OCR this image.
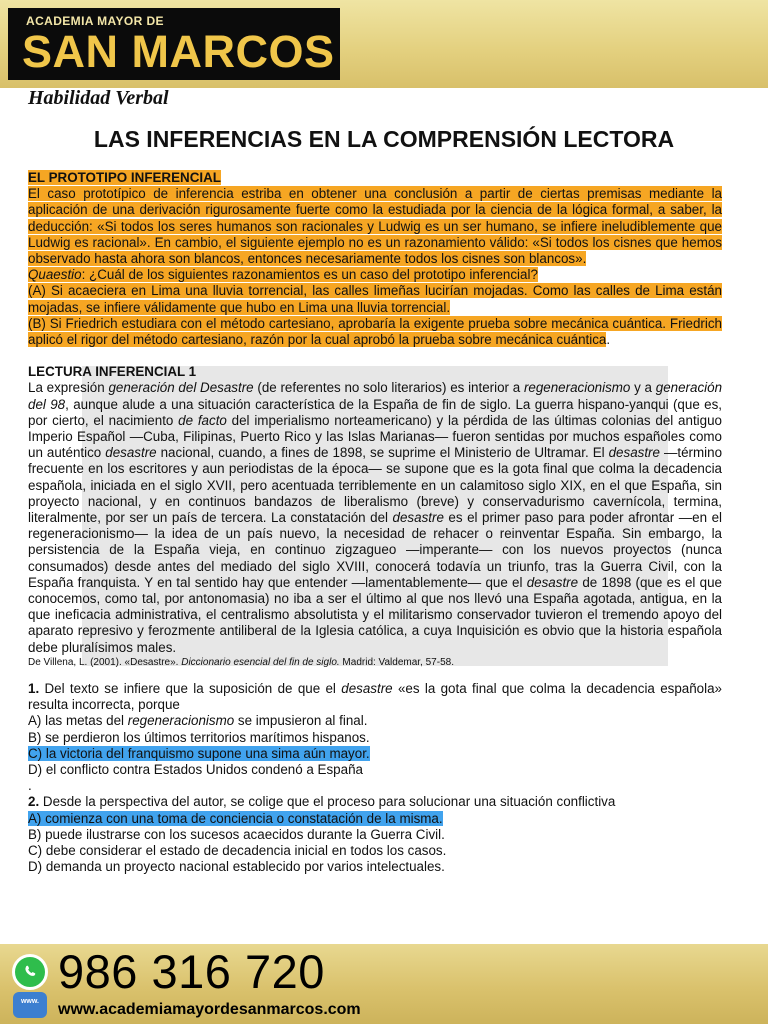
ACADEMIA MAYOR DE
SAN MARCOS
Habilidad Verbal
LAS INFERENCIAS EN LA COMPRENSIÓN LECTORA

EL PROTOTIPO INFERENCIAL

El caso prototípico de inferencia estriba en obtener una conclusión a partir de ciertas premisas mediante la aplicación de una derivación rigurosamente fuerte como la estudiada por la ciencia de la lógica formal, a saber, la deducción: «Si todos los seres humanos son racionales y Ludwig es un ser humano, se infiere ineludiblemente que Ludwig es racional». En cambio, el siguiente ejemplo no es un razonamiento válido: «Si todos los cisnes que hemos observado hasta ahora son blancos, entonces necesariamente todos los cisnes son blancos».

Quaestio: ¿Cuál de los siguientes razonamientos es un caso del prototipo inferencial?

(A) Si acaeciera en Lima una lluvia torrencial, las calles limeñas lucirían mojadas. Como las calles de Lima están mojadas, se infiere válidamente que hubo en Lima una lluvia torrencial.

(B) Si Friedrich estudiara con el método cartesiano, aprobaría la exigente prueba sobre mecánica cuántica. Friedrich aplicó el rigor del método cartesiano, razón por la cual aprobó la prueba sobre mecánica cuántica.

LECTURA INFERENCIAL 1

La expresión generación del Desastre (de referentes no solo literarios) es interior a regeneracionismo y a generación del 98, aunque alude a una situación característica de la España de fin de siglo. La guerra hispano-yanqui (que es, por cierto, el nacimiento de facto del imperialismo norteamericano) y la pérdida de las últimas colonias del antiguo Imperio Español —Cuba, Filipinas, Puerto Rico y las Islas Marianas— fueron sentidas por muchos españoles como un auténtico desastre nacional, cuando, a fines de 1898, se suprime el Ministerio de Ultramar. El desastre —término frecuente en los escritores y aun periodistas de la época— se supone que es la gota final que colma la decadencia española, iniciada en el siglo XVII, pero acentuada terriblemente en un calamitoso siglo XIX, en el que España, sin proyecto nacional, y en continuos bandazos de liberalismo (breve) y conservadurismo cavernícola, termina, literalmente, por ser un país de tercera. La constatación del desastre es el primer paso para poder afrontar —en el regeneracionismo— la idea de un país nuevo, la necesidad de rehacer o reinventar España. Sin embargo, la persistencia de la España vieja, en continuo zigzagueo —imperante— con los nuevos proyectos (nunca consumados) desde antes del mediado del siglo XVIII, conocerá todavía un triunfo, tras la Guerra Civil, con la España franquista. Y en tal sentido hay que entender —lamentablemente— que el desastre de 1898 (que es el que conocemos, como tal, por antonomasia) no iba a ser el último al que nos llevó una España agotada, antigua, en la que ineficacia administrativa, el centralismo absolutista y el militarismo conservador tuvieron el tremendo apoyo del aparato represivo y ferozmente antiliberal de la Iglesia católica, a cuya Inquisición es obvio que la historia española debe pluralísimos males.

De Villena, L. (2001). «Desastre». Diccionario esencial del fin de siglo. Madrid: Valdemar, 57-58.

1. Del texto se infiere que la suposición de que el desastre «es la gota final que colma la decadencia española» resulta incorrecta, porque

A) las metas del regeneracionismo se impusieron al final.

B) se perdieron los últimos territorios marítimos hispanos.

C) la victoria del franquismo supone una sima aún mayor.

D) el conflicto contra Estados Unidos condenó a España

.

2. Desde la perspectiva del autor, se colige que el proceso para solucionar una situación conflictiva

A) comienza con una toma de conciencia o constatación de la misma.

B) puede ilustrarse con los sucesos acaecidos durante la Guerra Civil.

C) debe considerar el estado de decadencia inicial en todos los casos.

D) demanda un proyecto nacional establecido por varios intelectuales.

www.
986 316 720
www.academiamayordesanmarcos.com
